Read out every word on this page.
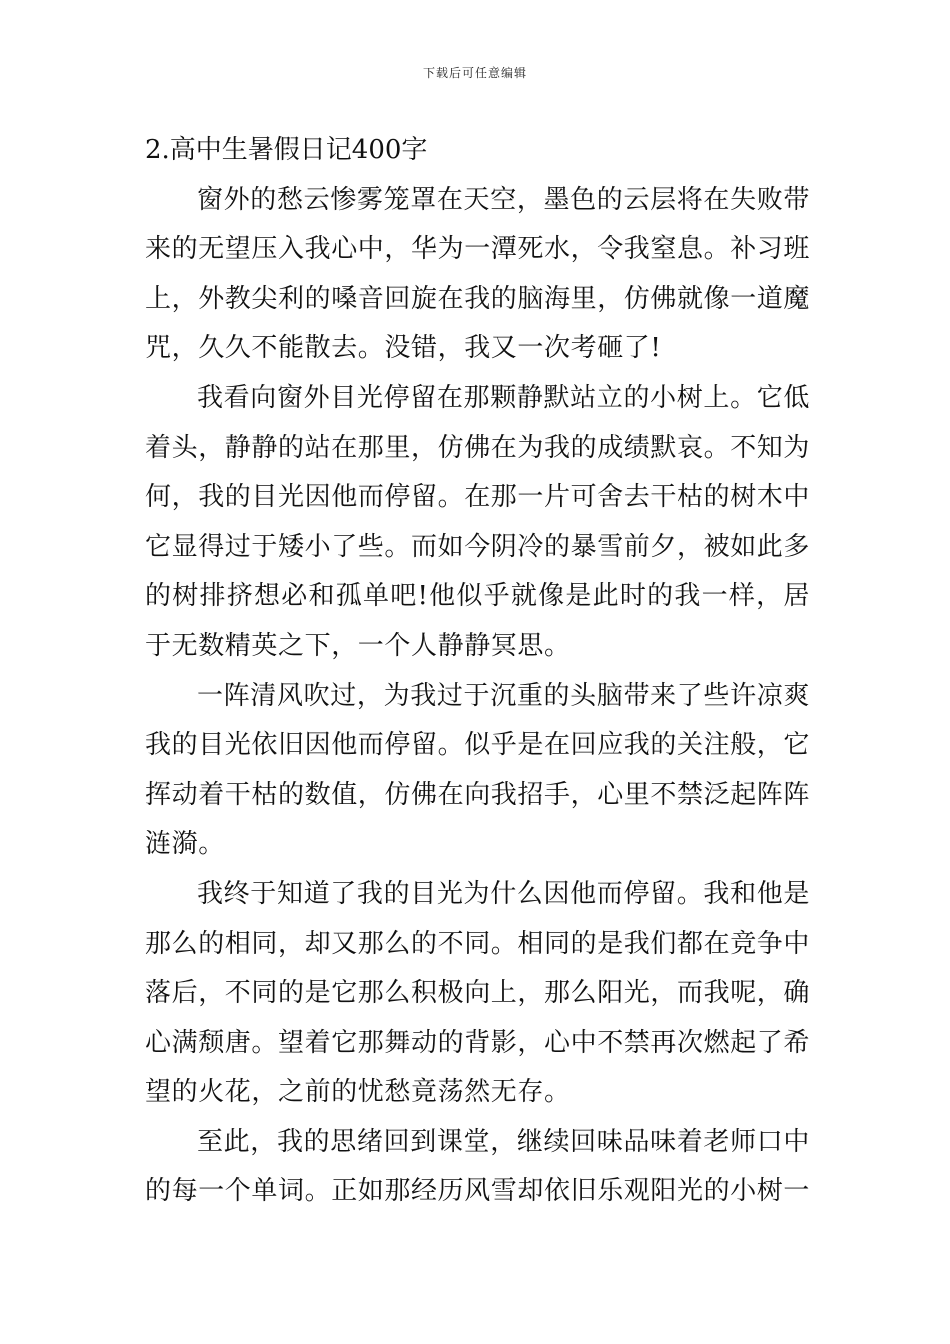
下载后可任意编辑
2.高中生暑假日记400字

窗外的愁云惨雾笼罩在天空，墨色的云层将在失败带来的无望压入我心中，华为一潭死水，令我窒息。补习班上，外教尖利的嗓音回旋在我的脑海里，仿佛就像一道魔咒，久久不能散去。没错，我又一次考砸了!

我看向窗外目光停留在那颗静默站立的小树上。它低着头，静静的站在那里，仿佛在为我的成绩默哀。不知为何，我的目光因他而停留。在那一片可舍去干枯的树木中它显得过于矮小了些。而如今阴冷的暴雪前夕，被如此多的树排挤想必和孤单吧!他似乎就像是此时的我一样，居于无数精英之下，一个人静静冥思。

一阵清风吹过，为我过于沉重的头脑带来了些许凉爽我的目光依旧因他而停留。似乎是在回应我的关注般，它挥动着干枯的数值，仿佛在向我招手，心里不禁泛起阵阵涟漪。

我终于知道了我的目光为什么因他而停留。我和他是那么的相同，却又那么的不同。相同的是我们都在竞争中落后，不同的是它那么积极向上，那么阳光，而我呢，确心满颓唐。望着它那舞动的背影，心中不禁再次燃起了希望的火花，之前的忧愁竟荡然无存。

至此，我的思绪回到课堂，继续回味品味着老师口中的每一个单词。正如那经历风雪却依旧乐观阳光的小树一
